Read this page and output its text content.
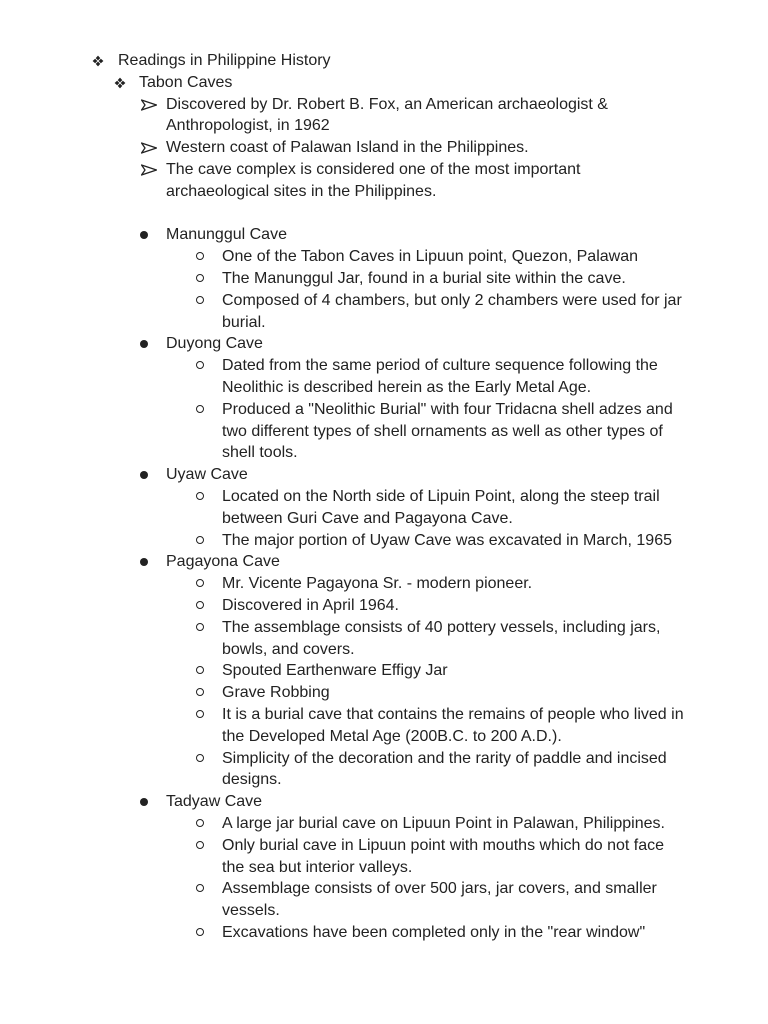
Readings in Philippine History
Tabon Caves
Discovered by Dr. Robert B. Fox, an American archaeologist &
Anthropologist, in 1962
Western coast of Palawan Island in the Philippines.
The cave complex is considered one of the most important
archaeological sites in the Philippines.
Manunggul Cave
One of the Tabon Caves in Lipuun point, Quezon, Palawan
The Manunggul Jar, found in a burial site within the cave.
Composed of 4 chambers, but only 2 chambers were used for jar
burial.
Duyong Cave
Dated from the same period of culture sequence following the
Neolithic is described herein as the Early Metal Age.
Produced a "Neolithic Burial" with four Tridacna shell adzes and
two different types of shell ornaments as well as other types of
shell tools.
Uyaw Cave
Located on the North side of Lipuin Point, along the steep trail
between Guri Cave and Pagayona Cave.
The major portion of Uyaw Cave was excavated in March, 1965
Pagayona Cave
Mr. Vicente Pagayona Sr. - modern pioneer.
Discovered in April 1964.
The assemblage consists of 40 pottery vessels, including jars,
bowls, and covers.
Spouted Earthenware Effigy Jar
Grave Robbing
It is a burial cave that contains the remains of people who lived in
the Developed Metal Age (200B.C. to 200 A.D.).
Simplicity of the decoration and the rarity of paddle and incised
designs.
Tadyaw Cave
A large jar burial cave on Lipuun Point in Palawan, Philippines.
Only burial cave in Lipuun point with mouths which do not face
the sea but interior valleys.
Assemblage consists of over 500 jars, jar covers, and smaller
vessels.
Excavations have been completed only in the "rear window"
